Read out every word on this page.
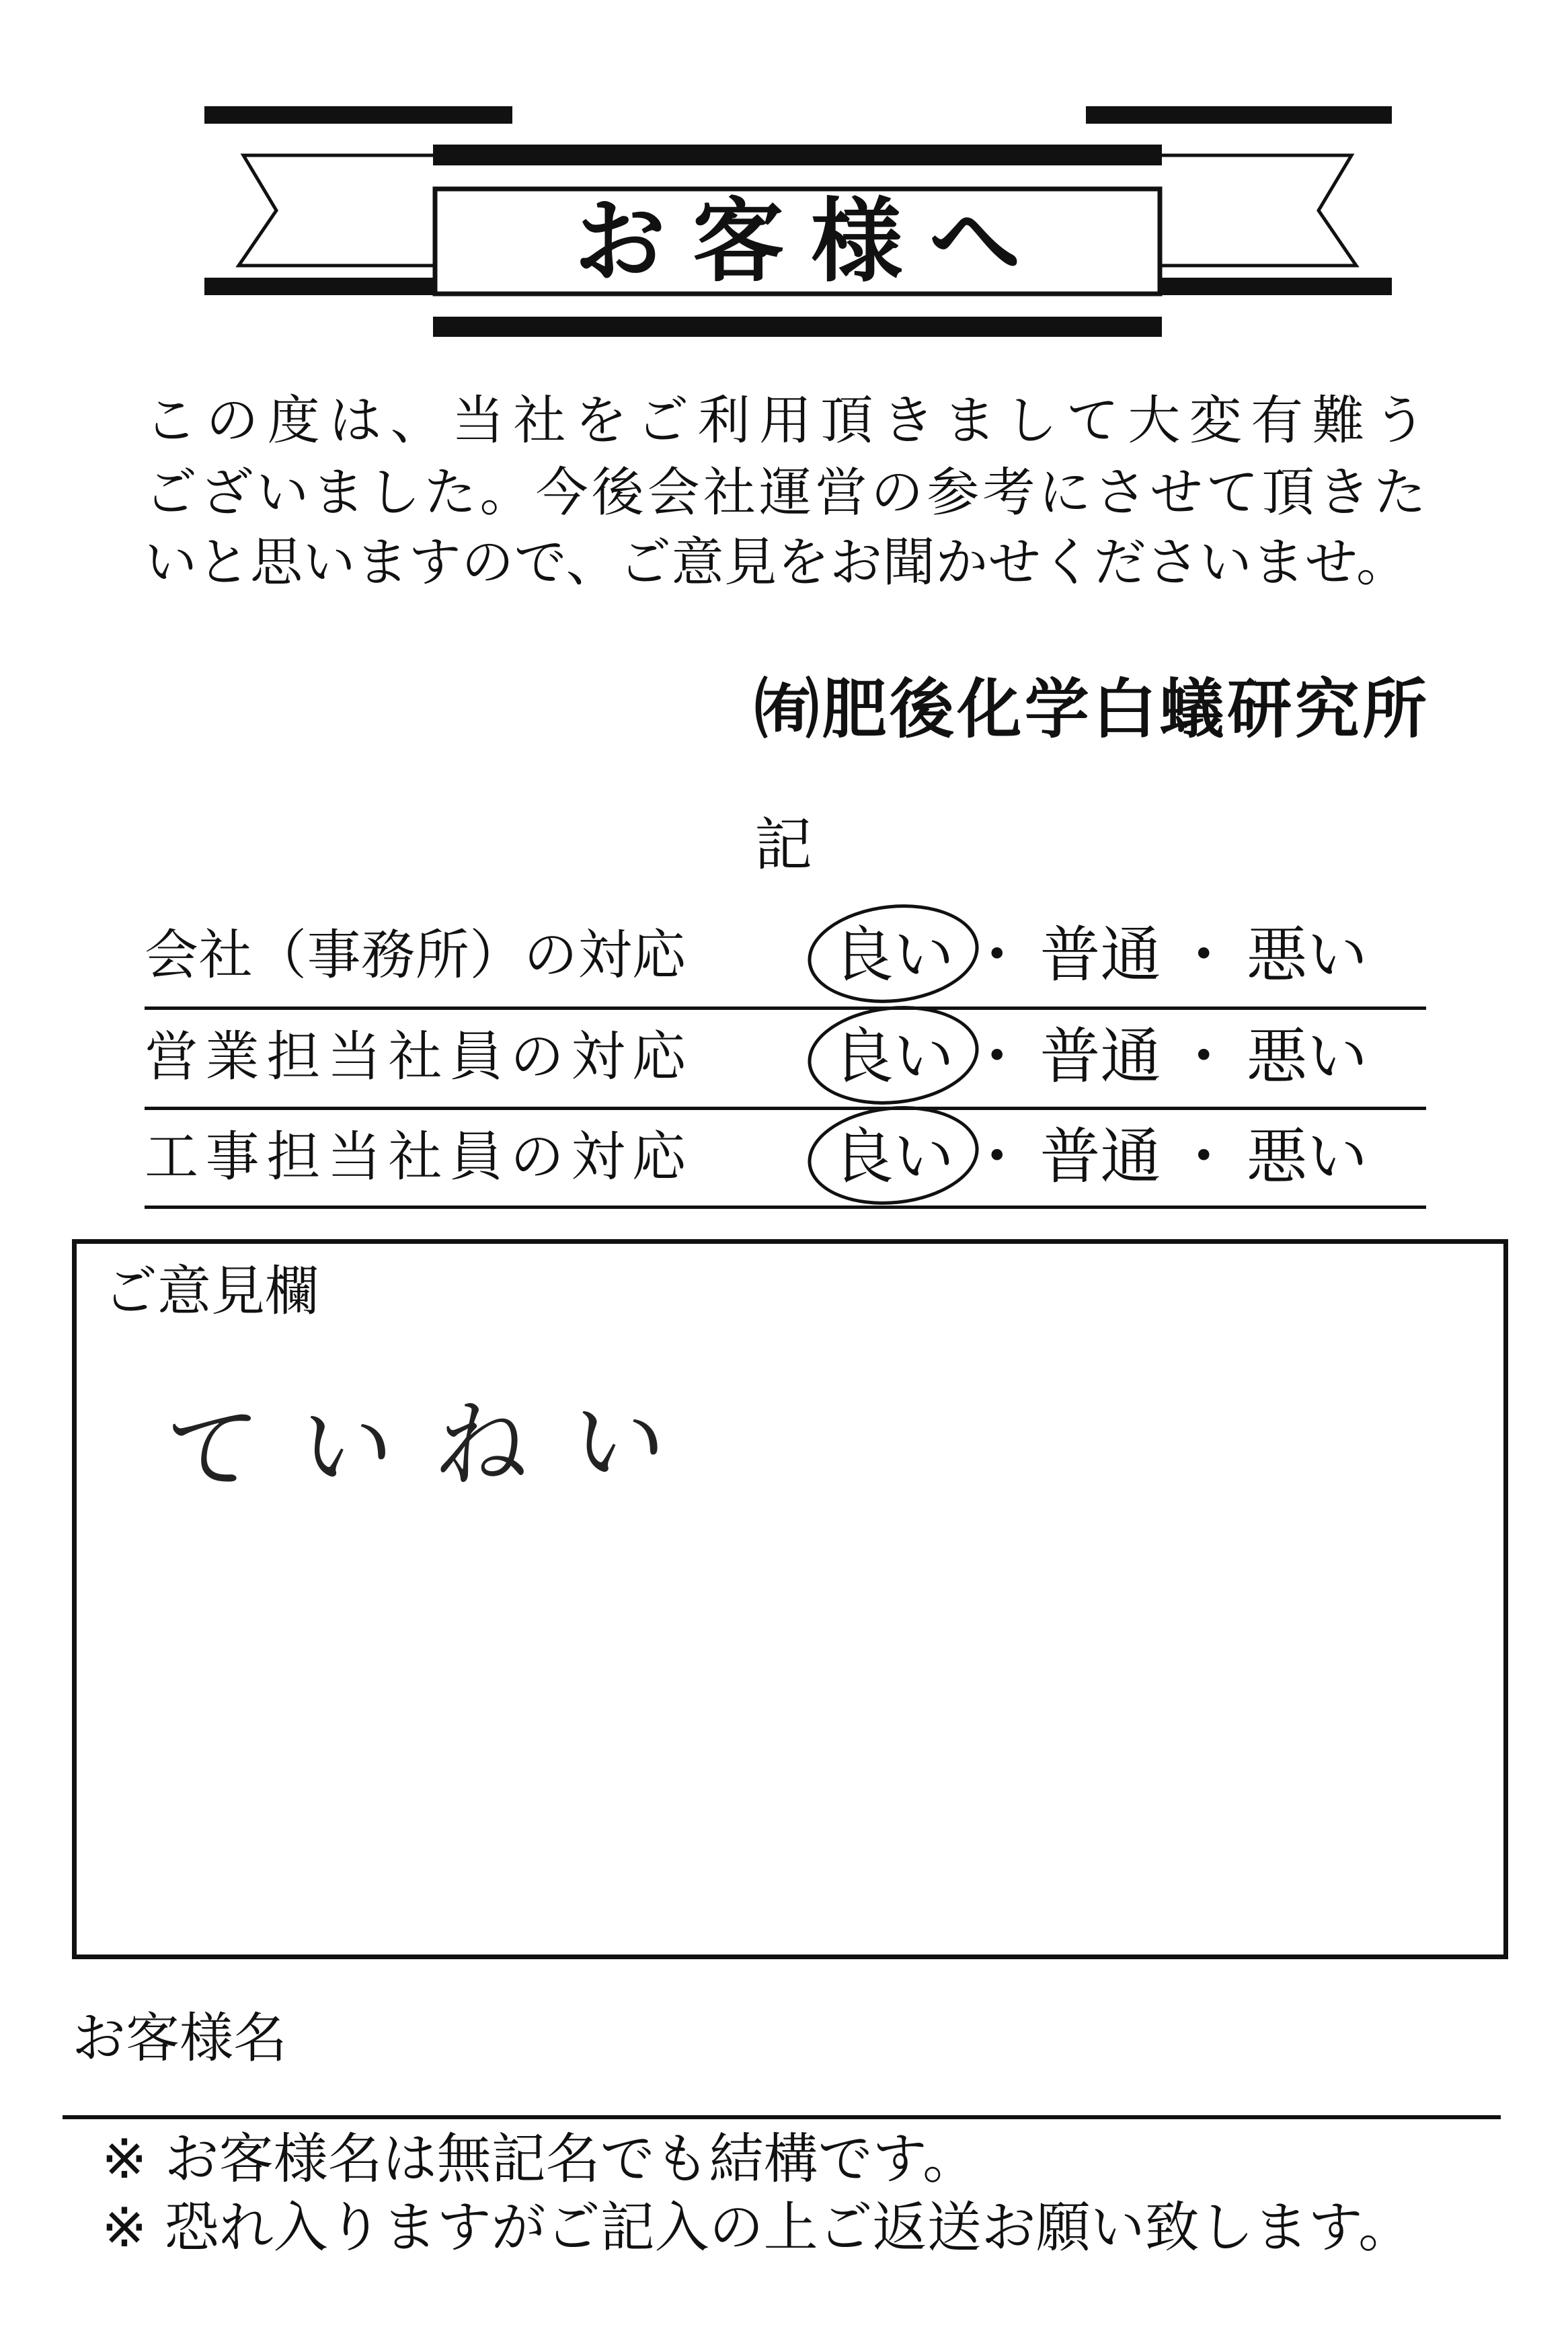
お客様へ
この度は、当社をご利用頂きまして大変有難う
ございました。今後会社運営の参考にさせて頂きた
いと思いますので、ご意見をお聞かせくださいませ。
㈲肥後化学白蟻研究所
記
会社（事務所）の対応 良い ・ 普通 ・ 悪い
営業担当社員の対応 良い ・ 普通 ・ 悪い
工事担当社員の対応 良い ・ 普通 ・ 悪い
ご意見欄
ていねい
お客様名
※ お客様名は無記名でも結構です。
※ 恐れ入りますがご記入の上ご返送お願い致します。
